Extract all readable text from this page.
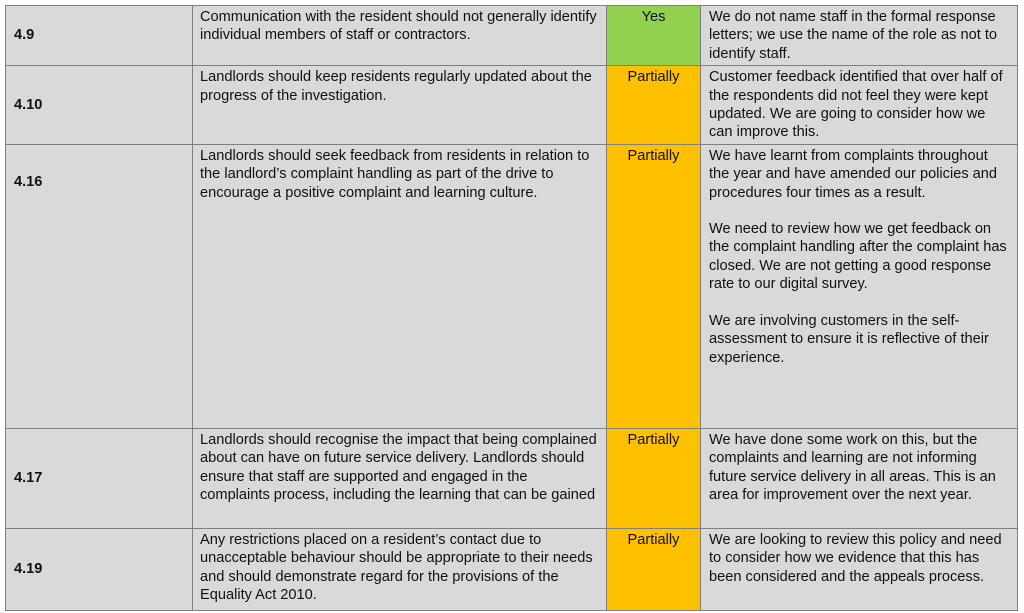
4.9	Communication with the resident should not generally identify individual members of staff or contractors.	Yes	We do not name staff in the formal response letters; we use the name of the role as not to identify staff.

4.10	Landlords should keep residents regularly updated about the progress of the investigation.	Partially	Customer feedback identified that over half of the respondents did not feel they were kept updated. We are going to consider how we can improve this.

4.16	Landlords should seek feedback from residents in relation to the landlord’s complaint handling as part of the drive to encourage a positive complaint and learning culture.	Partially	We have learnt from complaints throughout the year and have amended our policies and procedures four times as a result.
We need to review how we get feedback on the complaint handling after the complaint has closed. We are not getting a good response rate to our digital survey.
We are involving customers in the self-assessment to ensure it is reflective of their experience.

4.17	Landlords should recognise the impact that being complained about can have on future service delivery. Landlords should ensure that staff are supported and engaged in the complaints process, including the learning that can be gained	Partially	We have done some work on this, but the complaints and learning are not informing future service delivery in all areas. This is an area for improvement over the next year.

4.19	Any restrictions placed on a resident’s contact due to unacceptable behaviour should be appropriate to their needs and should demonstrate regard for the provisions of the Equality Act 2010.	Partially	We are looking to review this policy and need to consider how we evidence that this has been considered and the appeals process.
